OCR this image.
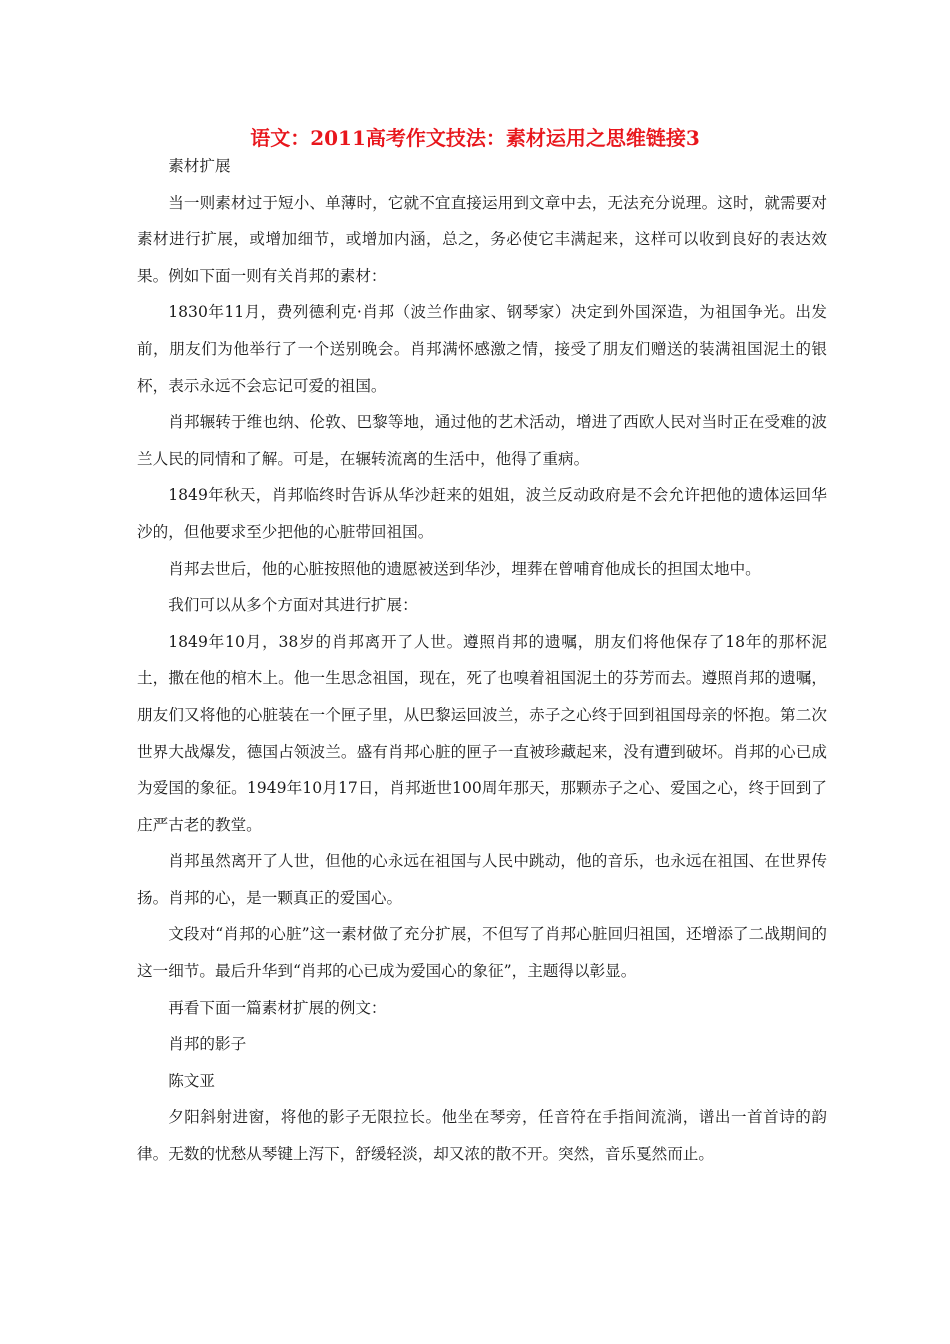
语文：2011高考作文技法：素材运用之思维链接3

素材扩展

当一则素材过于短小、单薄时，它就不宜直接运用到文章中去，无法充分说理。这时，就需要对素材进行扩展，或增加细节，或增加内涵，总之，务必使它丰满起来，这样可以收到良好的表达效果。例如下面一则有关肖邦的素材：

1830年11月，费列德利克·肖邦（波兰作曲家、钢琴家）决定到外国深造，为祖国争光。出发前，朋友们为他举行了一个送别晚会。肖邦满怀感激之情，接受了朋友们赠送的装满祖国泥土的银杯，表示永远不会忘记可爱的祖国。

肖邦辗转于维也纳、伦敦、巴黎等地，通过他的艺术活动，增进了西欧人民对当时正在受难的波兰人民的同情和了解。可是，在辗转流离的生活中，他得了重病。

1849年秋天，肖邦临终时告诉从华沙赶来的姐姐，波兰反动政府是不会允许把他的遗体运回华沙的，但他要求至少把他的心脏带回祖国。

肖邦去世后，他的心脏按照他的遗愿被送到华沙，埋葬在曾哺育他成长的担国太地中。

我们可以从多个方面对其进行扩展：

1849年10月，38岁的肖邦离开了人世。遵照肖邦的遗嘱，朋友们将他保存了18年的那杯泥土，撒在他的棺木上。他一生思念祖国，现在，死了也嗅着祖国泥土的芬芳而去。遵照肖邦的遗嘱，朋友们又将他的心脏装在一个匣子里，从巴黎运回波兰，赤子之心终于回到祖国母亲的怀抱。第二次世界大战爆发，德国占领波兰。盛有肖邦心脏的匣子一直被珍藏起来，没有遭到破坏。肖邦的心已成为爱国的象征。1949年10月17日，肖邦逝世100周年那天，那颗赤子之心、爱国之心，终于回到了庄严古老的教堂。

肖邦虽然离开了人世，但他的心永远在祖国与人民中跳动，他的音乐，也永远在祖国、在世界传扬。肖邦的心，是一颗真正的爱国心。

文段对“肖邦的心脏”这一素材做了充分扩展，不但写了肖邦心脏回归祖国，还增添了二战期间的这一细节。最后升华到“肖邦的心已成为爱国心的象征”，主题得以彰显。

再看下面一篇素材扩展的例文：

肖邦的影子

陈文亚

夕阳斜射进窗，将他的影子无限拉长。他坐在琴旁，任音符在手指间流淌，谱出一首首诗的韵律。无数的忧愁从琴键上泻下，舒缓轻淡，却又浓的散不开。突然，音乐戛然而止。
